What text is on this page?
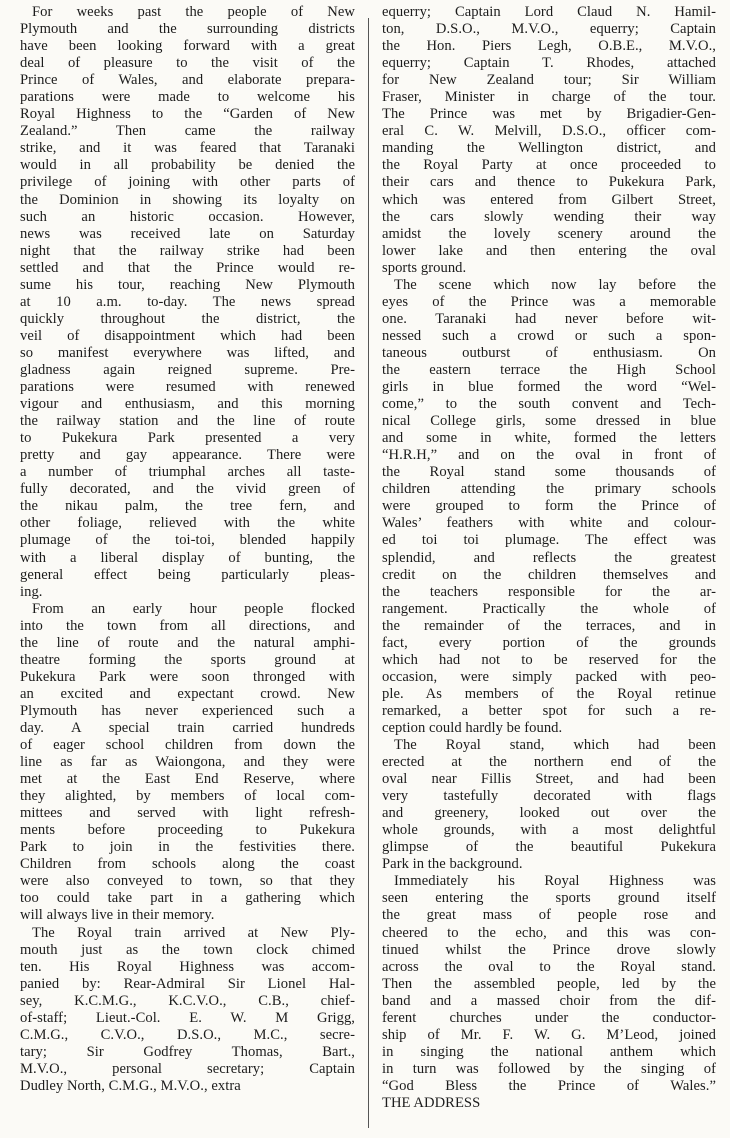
For weeks past the people of New
Plymouth and the surrounding districts
have been looking forward with a great
deal of pleasure to the visit of the
Prince of Wales, and elaborate prepara-
parations were made to welcome his
Royal Highness to the “Garden of New
Zealand.” Then came the railway
strike, and it was feared that Taranaki
would in all probability be denied the
privilege of joining with other parts of
the Dominion in showing its loyalty on
such an historic occasion. However,
news was received late on Saturday
night that the railway strike had been
settled and that the Prince would re-
sume his tour, reaching New Plymouth
at 10 a.m. to-day. The news spread
quickly throughout the district, the
veil of disappointment which had been
so manifest everywhere was lifted, and
gladness again reigned supreme. Pre-
parations were resumed with renewed
vigour and enthusiasm, and this morning
the railway station and the line of route
to Pukekura Park presented a very
pretty and gay appearance. There were
a number of triumphal arches all taste-
fully decorated, and the vivid green of
the nikau palm, the tree fern, and
other foliage, relieved with the white
plumage of the toi-toi, blended happily
with a liberal display of bunting, the
general effect being particularly pleas-
ing.
From an early hour people flocked
into the town from all directions, and
the line of route and the natural amphi-
theatre forming the sports ground at
Pukekura Park were soon thronged with
an excited and expectant crowd. New
Plymouth has never experienced such a
day. A special train carried hundreds
of eager school children from down the
line as far as Waiongona, and they were
met at the East End Reserve, where
they alighted, by members of local com-
mittees and served with light refresh-
ments before proceeding to Pukekura
Park to join in the festivities there.
Children from schools along the coast
were also conveyed to town, so that they
too could take part in a gathering which
will always live in their memory.
The Royal train arrived at New Ply-
mouth just as the town clock chimed
ten. His Royal Highness was accom-
panied by: Rear-Admiral Sir Lionel Hal-
sey, K.C.M.G., K.C.V.O., C.B., chief-
of-staff; Lieut.-Col. E. W. M Grigg,
C.M.G., C.V.O., D.S.O., M.C., secre-
tary; Sir Godfrey Thomas, Bart.,
M.V.O., personal secretary; Captain
Dudley North, C.M.G., M.V.O., extra
equerry; Captain Lord Claud N. Hamil-
ton, D.S.O., M.V.O., equerry; Captain
the Hon. Piers Legh, O.B.E., M.V.O.,
equerry; Captain T. Rhodes, attached
for New Zealand tour; Sir William
Fraser, Minister in charge of the tour.
The Prince was met by Brigadier-Gen-
eral C. W. Melvill, D.S.O., officer com-
manding the Wellington district, and
the Royal Party at once proceeded to
their cars and thence to Pukekura Park,
which was entered from Gilbert Street,
the cars slowly wending their way
amidst the lovely scenery around the
lower lake and then entering the oval
sports ground.
The scene which now lay before the
eyes of the Prince was a memorable
one. Taranaki had never before wit-
nessed such a crowd or such a spon-
taneous outburst of enthusiasm. On
the eastern terrace the High School
girls in blue formed the word “Wel-
come,” to the south convent and Tech-
nical College girls, some dressed in blue
and some in white, formed the letters
“H.R.H,” and on the oval in front of
the Royal stand some thousands of
children attending the primary schools
were grouped to form the Prince of
Wales’ feathers with white and colour-
ed toi toi plumage. The effect was
splendid, and reflects the greatest
credit on the children themselves and
the teachers responsible for the ar-
rangement. Practically the whole of
the remainder of the terraces, and in
fact, every portion of the grounds
which had not to be reserved for the
occasion, were simply packed with peo-
ple. As members of the Royal retinue
remarked, a better spot for such a re-
ception could hardly be found.
The Royal stand, which had been
erected at the northern end of the
oval near Fillis Street, and had been
very tastefully decorated with flags
and greenery, looked out over the
whole grounds, with a most delightful
glimpse of the beautiful Pukekura
Park in the background.
Immediately his Royal Highness was
seen entering the sports ground itself
the great mass of people rose and
cheered to the echo, and this was con-
tinued whilst the Prince drove slowly
across the oval to the Royal stand.
Then the assembled people, led by the
band and a massed choir from the dif-
ferent churches under the conductor-
ship of Mr. F. W. G. M’Leod, joined
in singing the national anthem which
in turn was followed by the singing of
“God Bless the Prince of Wales.”
THE ADDRESS
